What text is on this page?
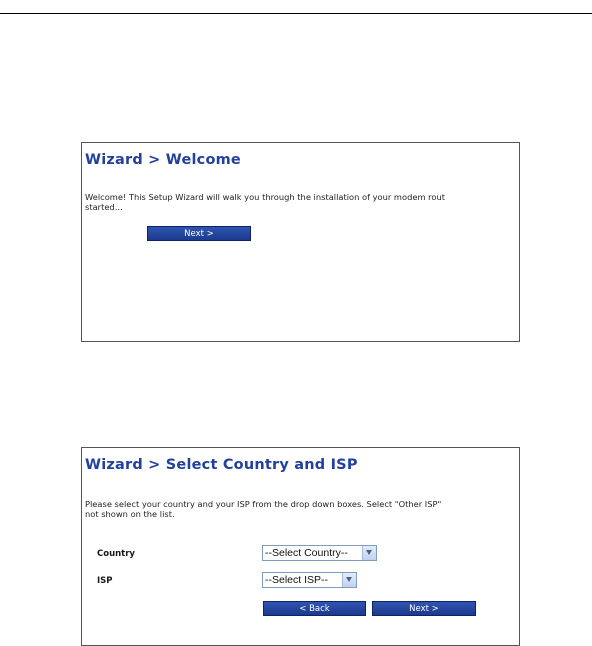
Wizard > Welcome
Welcome! This Setup Wizard will walk you through the installation of your modem rout
started...
Next >
Wizard > Select Country and ISP
Please select your country and your ISP from the drop down boxes. Select "Other ISP"
not shown on the list.
Country	--Select Country--
ISP	--Select ISP--
< Back	Next >
